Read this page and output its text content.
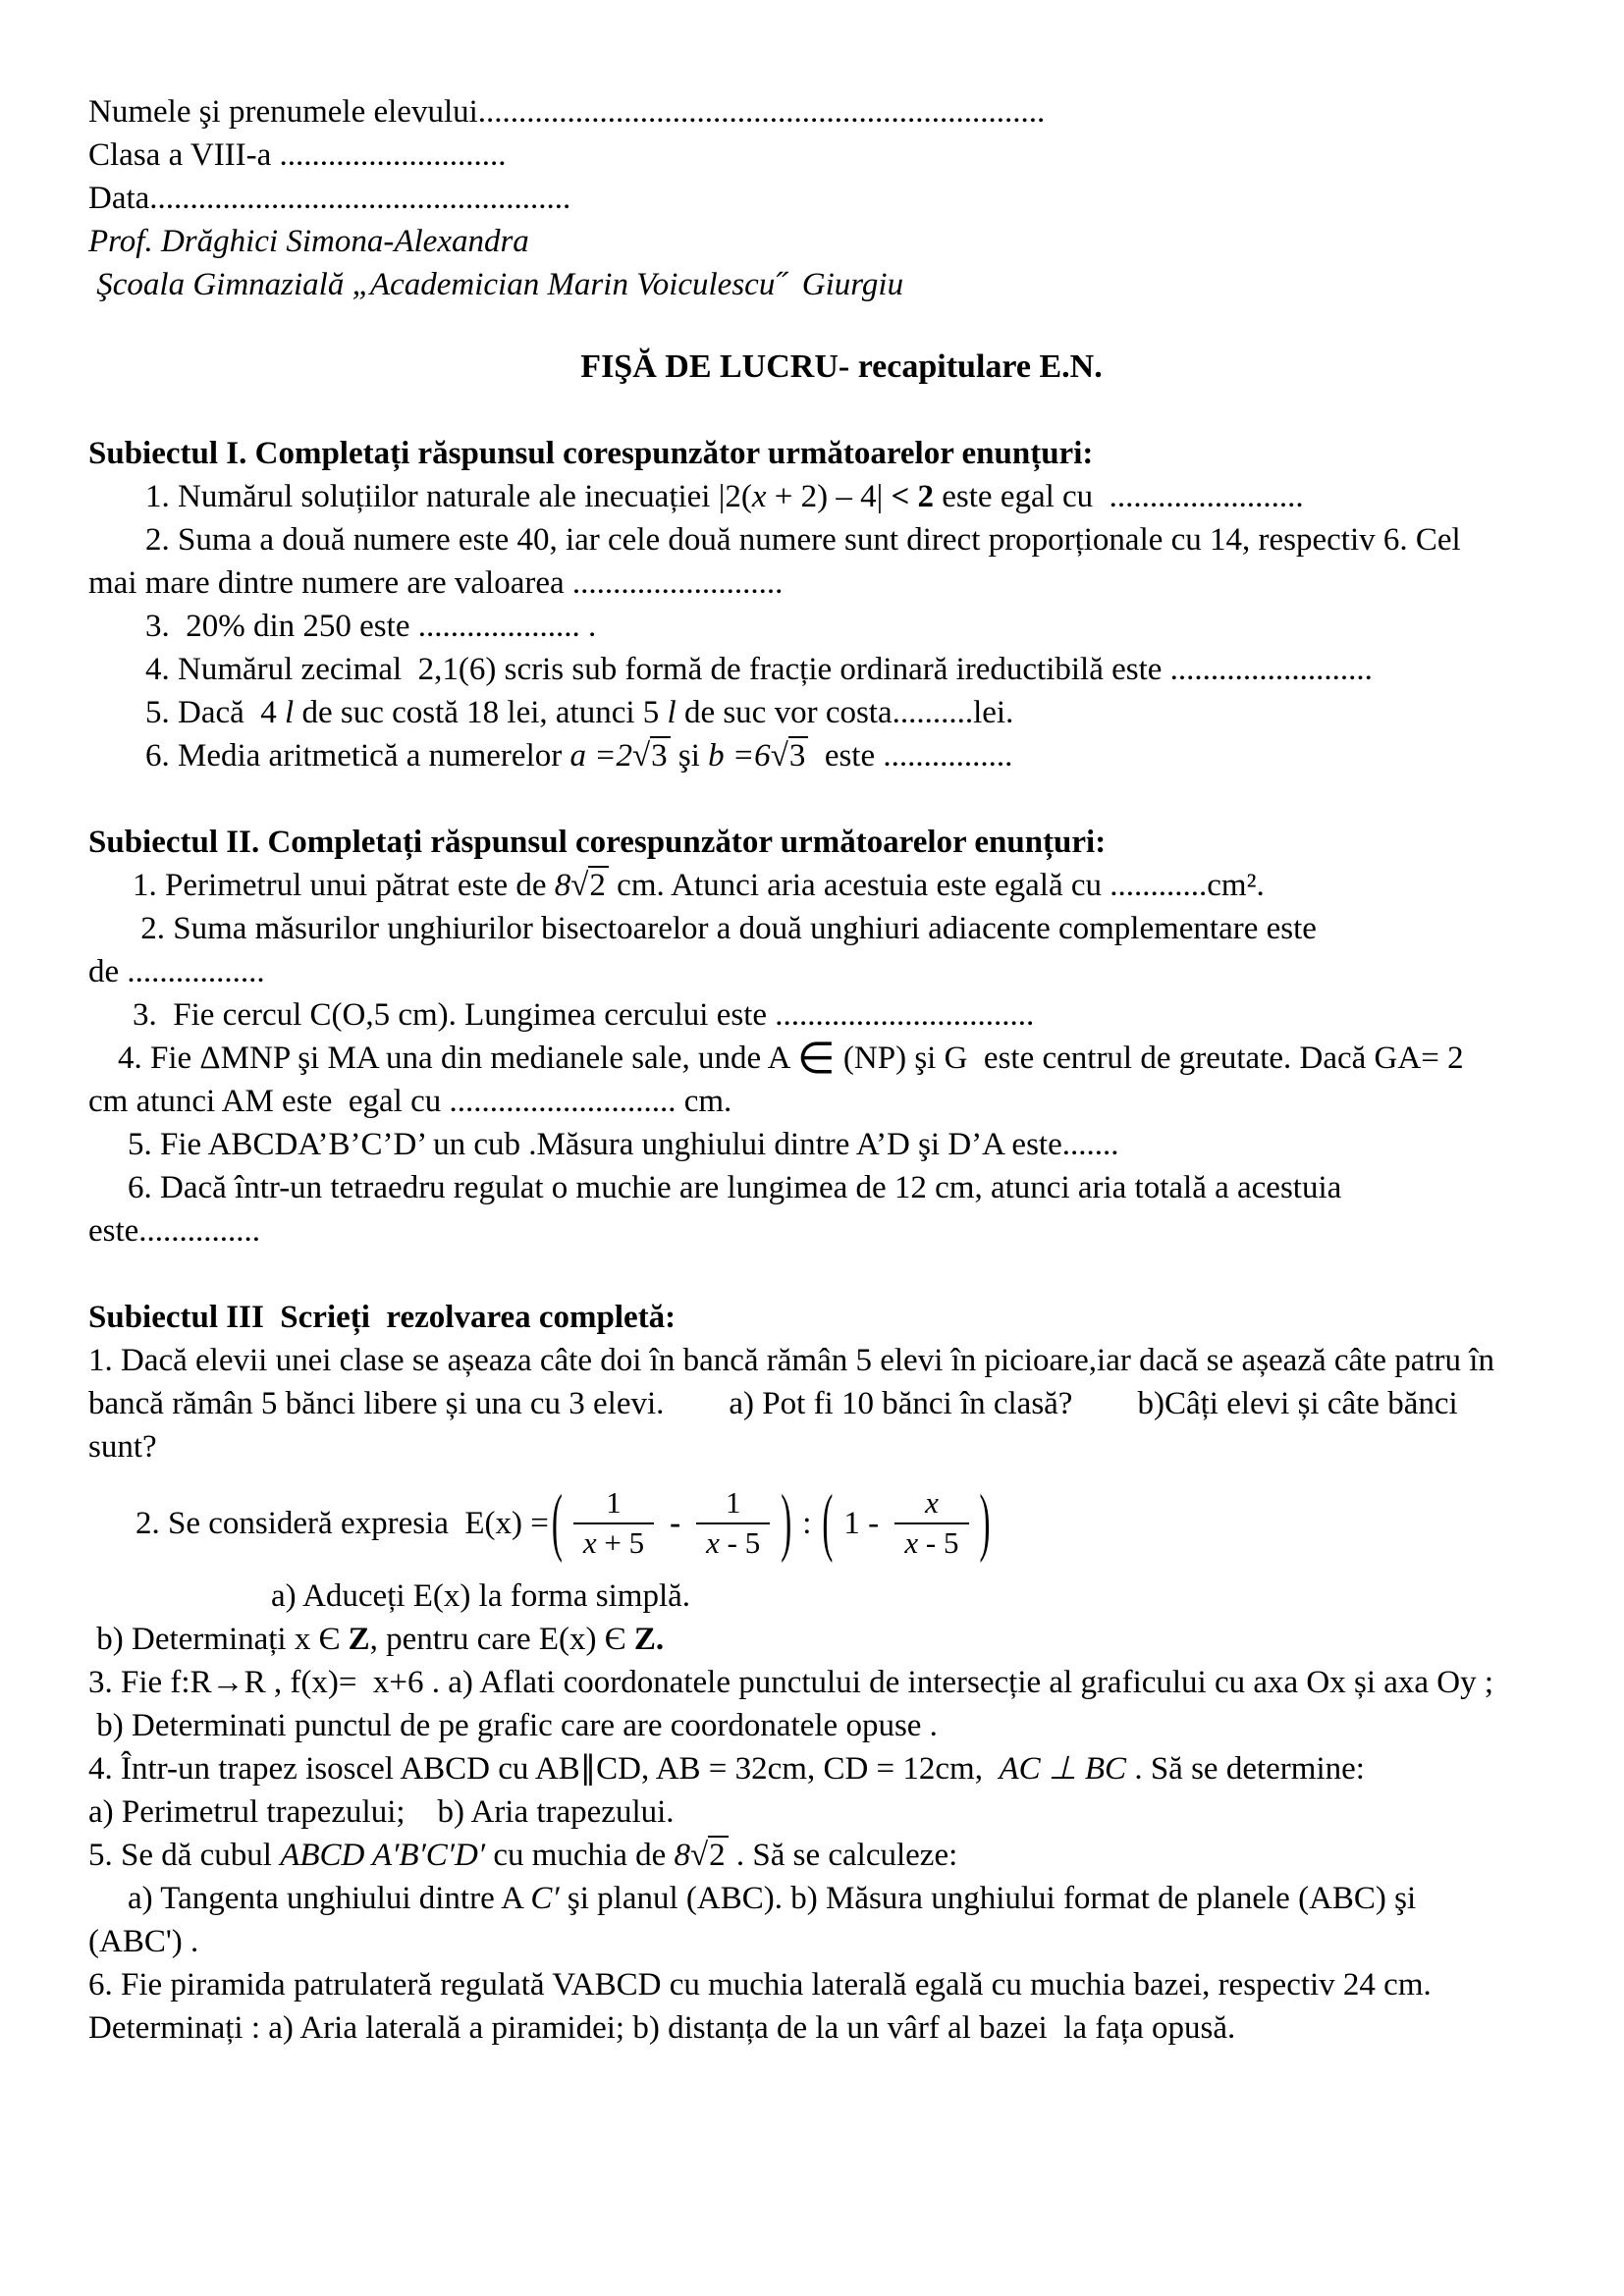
Numele şi prenumele elevului......................................................................

Clasa a VIII-a ............................

Data....................................................

Prof. Drăghici Simona-Alexandra

Şcoala Gimnazială „Academician Marin Voiculescu˝  Giurgiu

FIŞĂ DE LUCRU- recapitulare E.N.

Subiectul I. Completați răspunsul corespunzător următoarelor enunțuri:

1. Numărul soluțiilor naturale ale inecuației |2(x + 2) – 4| < 2 este egal cu  ........................

2. Suma a două numere este 40, iar cele două numere sunt direct proporționale cu 14, respectiv 6. Cel

mai mare dintre numere are valoarea ..........................

3.  20% din 250 este .................... .

4. Numărul zecimal  2,1(6) scris sub formă de fracție ordinară ireductibilă este .........................

5. Dacă  4 l de suc costă 18 lei, atunci 5 l de suc vor costa..........lei.

6. Media aritmetică a numerelor a =2√3 şi b =6√3  este ................

Subiectul II. Completați răspunsul corespunzător următoarelor enunțuri:

1. Perimetrul unui pătrat este de 8√2 cm. Atunci aria acestuia este egală cu ............cm².

2. Suma măsurilor unghiurilor bisectoarelor a două unghiuri adiacente complementare este

de .................

3.  Fie cercul C(O,5 cm). Lungimea cercului este ................................

4. Fie ΔMNP şi MA una din medianele sale, unde A ∈ (NP) şi G  este centrul de greutate. Dacă GA= 2

cm atunci AM este  egal cu ............................ cm.

5. Fie ABCDA’B’C’D’ un cub .Măsura unghiului dintre A’D şi D’A este.......

6. Dacă într-un tetraedru regulat o muchie are lungimea de 12 cm, atunci aria totală a acestuia

este...............

Subiectul III  Scrieți  rezolvarea completă:

1. Dacă elevii unei clase se așeaza câte doi în bancă rămân 5 elevi în picioare,iar dacă se așează câte patru în

bancă rămân 5 bănci libere și una cu 3 elevi.        a) Pot fi 10 bănci în clasă?        b)Câți elevi și câte bănci

sunt?

2. Se consideră expresia  E(x) = ( $\frac{1}{x + 5} - \frac{1}{x - 5}$ ) : ( $1 - \frac{x}{x - 5}$ )

a) Aduceți E(x) la forma simplă.

b) Determinați x Є Z, pentru care E(x) Є Z.

3. Fie f:R→R , f(x)=  x+6 . a) Aflati coordonatele punctului de intersecție al graficului cu axa Ox și axa Oy ;

b) Determinati punctul de pe grafic care are coordonatele opuse .

4. Într-un trapez isoscel ABCD cu AB∥CD, AB = 32cm, CD = 12cm,  AC ⊥ BC . Să se determine:

a) Perimetrul trapezului;    b) Aria trapezului.

5. Se dă cubul ABCD A′B′C′D′ cu muchia de 8√2 . Să se calculeze:

a) Tangenta unghiului dintre A C′ şi planul (ABC). b) Măsura unghiului format de planele (ABC) şi

(ABC') .

6. Fie piramida patrulateră regulată VABCD cu muchia laterală egală cu muchia bazei, respectiv 24 cm.

Determinați : a) Aria laterală a piramidei; b) distanța de la un vârf al bazei  la fața opusă.
